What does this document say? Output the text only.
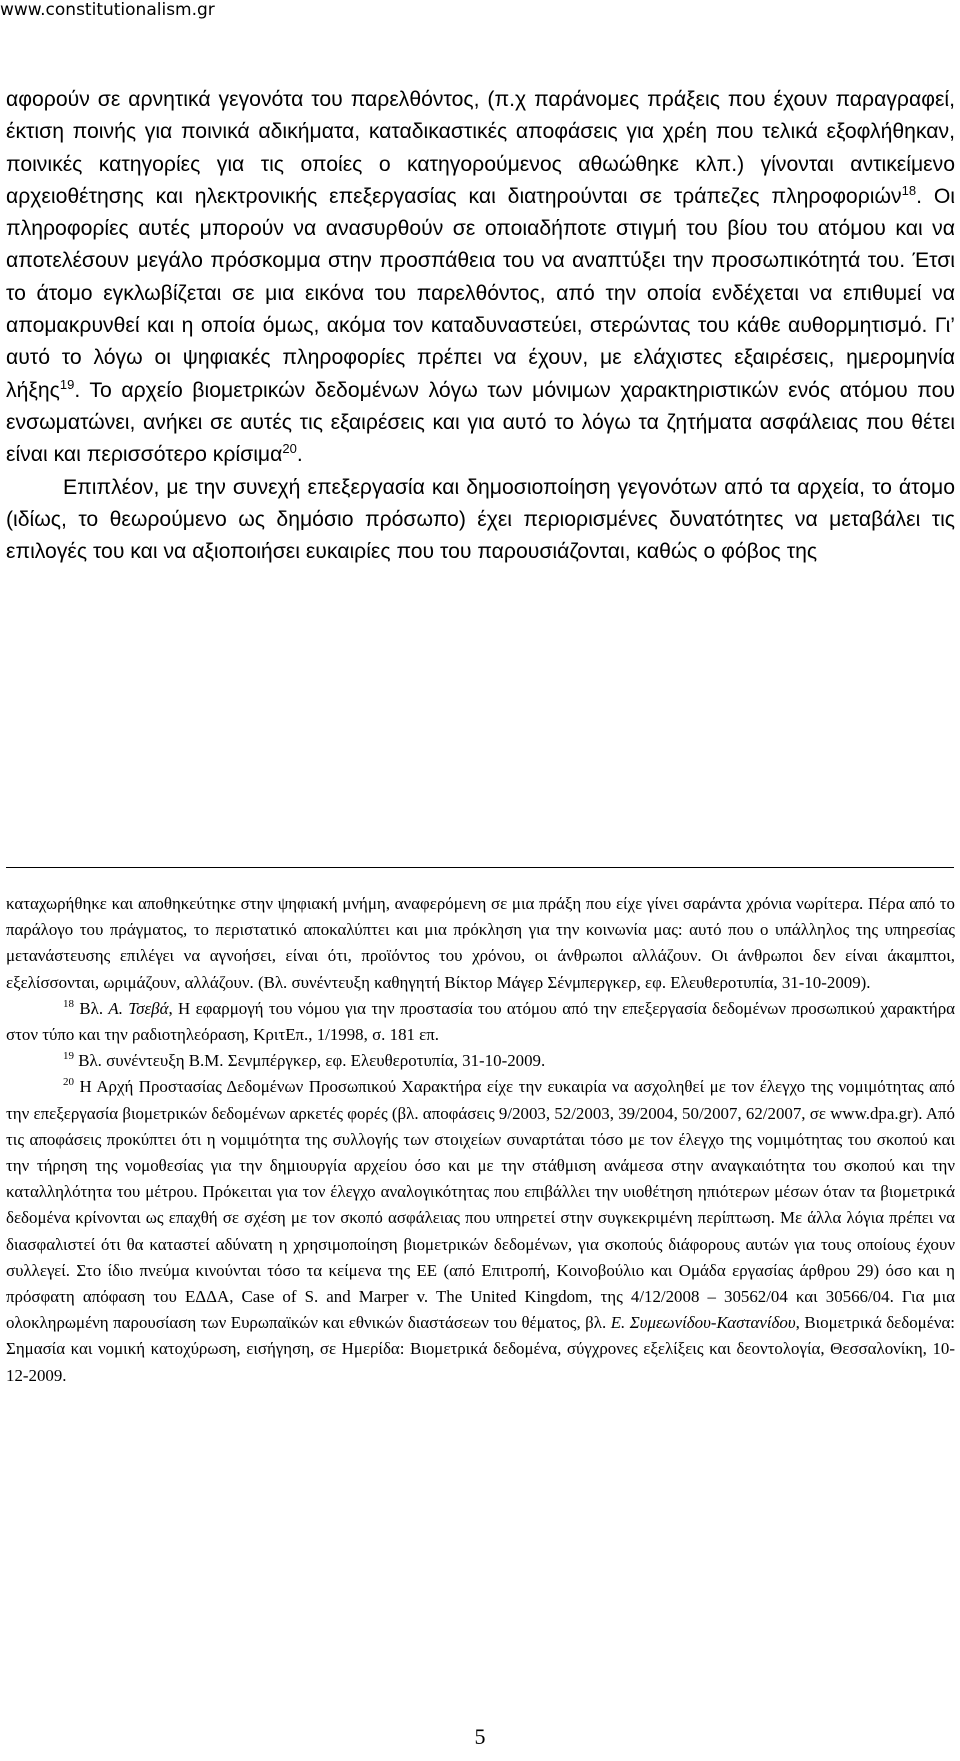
www.constitutionalism.gr

αφορούν σε αρνητικά γεγονότα του παρελθόντος, (π.χ παράνομες πράξεις που έχουν παραγραφεί, έκτιση ποινής για ποινικά αδικήματα, καταδικαστικές αποφάσεις για χρέη που τελικά εξοφλήθηκαν, ποινικές κατηγορίες για τις οποίες ο κατηγορούμενος αθωώθηκε κλπ.) γίνονται αντικείμενο αρχειοθέτησης και ηλεκτρονικής επεξεργασίας και διατηρούνται σε τράπεζες πληροφοριών$^{18}$. Οι πληροφορίες αυτές μπορούν να ανασυρθούν σε οποιαδήποτε στιγμή του βίου του ατόμου και να αποτελέσουν μεγάλο πρόσκομμα στην προσπάθεια του να αναπτύξει την προσωπικότητά του. Έτσι το άτομο εγκλωβίζεται σε μια εικόνα του παρελθόντος, από την οποία ενδέχεται να επιθυμεί να απομακρυνθεί και η οποία όμως, ακόμα τον καταδυναστεύει, στερώντας του κάθε αυθορμητισμό. Γι’ αυτό το λόγω οι ψηφιακές πληροφορίες πρέπει να έχουν, με ελάχιστες εξαιρέσεις, ημερομηνία λήξης$^{19}$. Το αρχείο βιομετρικών δεδομένων λόγω των μόνιμων χαρακτηριστικών ενός ατόμου που ενσωματώνει, ανήκει σε αυτές τις εξαιρέσεις και για αυτό το λόγω τα ζητήματα ασφάλειας που θέτει είναι και περισσότερο κρίσιμα$^{20}$.

Επιπλέον, με την συνεχή επεξεργασία και δημοσιοποίηση γεγονότων από τα αρχεία, το άτομο (ιδίως, το θεωρούμενο ως δημόσιο πρόσωπο) έχει περιορισμένες δυνατότητες να μεταβάλει τις επιλογές του και να αξιοποιήσει ευκαιρίες που του παρουσιάζονται, καθώς ο φόβος της

καταχωρήθηκε και αποθηκεύτηκε στην ψηφιακή μνήμη, αναφερόμενη σε μια πράξη που είχε γίνει σαράντα χρόνια νωρίτερα. Πέρα από το παράλογο του πράγματος, το περιστατικό αποκαλύπτει και μια πρόκληση για την κοινωνία μας: αυτό που ο υπάλληλος της υπηρεσίας μετανάστευσης επιλέγει να αγνοήσει, είναι ότι, προϊόντος του χρόνου, οι άνθρωποι αλλάζουν. Οι άνθρωποι δεν είναι άκαμπτοι, εξελίσσονται, ωριμάζουν, αλλάζουν. (Βλ. συνέντευξη καθηγητή Βίκτορ Μάγερ Σένμπεργκερ, εφ. Ελευθεροτυπία, 31-10-2009).

$^{18}$ Βλ. Α. Τσεβά, Η εφαρμογή του νόμου για την προστασία του ατόμου από την επεξεργασία δεδομένων προσωπικού χαρακτήρα στον τύπο και την ραδιοτηλεόραση, ΚριτΕπ., 1/1998, σ. 181 επ.

$^{19}$ Βλ. συνέντευξη Β.Μ. Σενμπέργκερ, εφ. Ελευθεροτυπία, 31-10-2009.

$^{20}$ Η Αρχή Προστασίας Δεδομένων Προσωπικού Χαρακτήρα είχε την ευκαιρία να ασχοληθεί με τον έλεγχο της νομιμότητας από την επεξεργασία βιομετρικών δεδομένων αρκετές φορές (βλ. αποφάσεις 9/2003, 52/2003, 39/2004, 50/2007, 62/2007, σε www.dpa.gr). Από τις αποφάσεις προκύπτει ότι η νομιμότητα της συλλογής των στοιχείων συναρτάται τόσο με τον έλεγχο της νομιμότητας του σκοπού και την τήρηση της νομοθεσίας για την δημιουργία αρχείου όσο και με την στάθμιση ανάμεσα στην αναγκαιότητα του σκοπού και την καταλληλότητα του μέτρου. Πρόκειται για τον έλεγχο αναλογικότητας που επιβάλλει την υιοθέτηση ηπιότερων μέσων όταν τα βιομετρικά δεδομένα κρίνονται ως επαχθή σε σχέση με τον σκοπό ασφάλειας που υπηρετεί στην συγκεκριμένη περίπτωση. Με άλλα λόγια πρέπει να διασφαλιστεί ότι θα καταστεί αδύνατη η χρησιμοποίηση βιομετρικών δεδομένων, για σκοπούς διάφορους αυτών για τους οποίους έχουν συλλεγεί. Στο ίδιο πνεύμα κινούνται τόσο τα κείμενα της ΕΕ (από Επιτροπή, Κοινοβούλιο και Ομάδα εργασίας άρθρου 29) όσο και η πρόσφατη απόφαση του ΕΔΔΑ, Case of S. and Marper v. The United Kingdom, της 4/12/2008 – 30562/04 και 30566/04. Για μια ολοκληρωμένη παρουσίαση των Ευρωπαϊκών και εθνικών διαστάσεων του θέματος, βλ. Ε. Συμεωνίδου-Καστανίδου, Βιομετρικά δεδομένα: Σημασία και νομική κατοχύρωση, εισήγηση, σε Ημερίδα: Βιομετρικά δεδομένα, σύγχρονες εξελίξεις και δεοντολογία, Θεσσαλονίκη, 10-12-2009.

5
